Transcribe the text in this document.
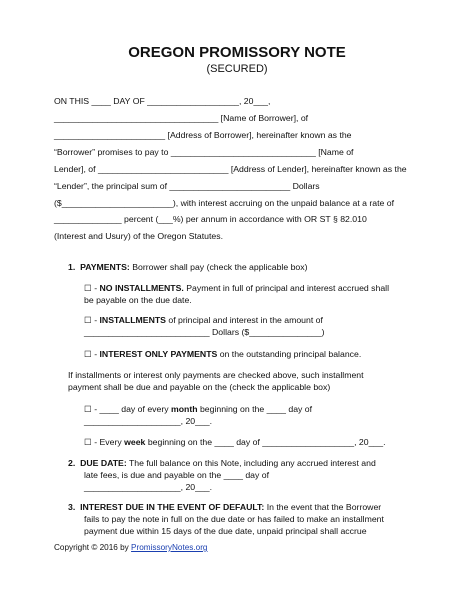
OREGON PROMISSORY NOTE
(SECURED)
ON THIS ____ DAY OF ___________________, 20___,
__________________________________ [Name of Borrower], of
_______________________ [Address of Borrower], hereinafter known as the
“Borrower” promises to pay to ______________________________ [Name of
Lender], of ___________________________ [Address of Lender], hereinafter known as the
“Lender”, the principal sum of _________________________ Dollars
($_______________________), with interest accruing on the unpaid balance at a rate of
______________ percent (___%) per annum in accordance with OR ST § 82.010
(Interest and Usury) of the Oregon Statutes.
1. PAYMENTS: Borrower shall pay (check the applicable box)
☐ - NO INSTALLMENTS. Payment in full of principal and interest accrued shall
be payable on the due date.
☐ - INSTALLMENTS of principal and interest in the amount of
__________________________ Dollars ($_______________)
☐ - INTEREST ONLY PAYMENTS on the outstanding principal balance.
If installments or interest only payments are checked above, such installment
payment shall be due and payable on the (check the applicable box)
☐ - ____ day of every month beginning on the ____ day of
____________________, 20___.
☐ - Every week beginning on the ____ day of ___________________, 20___.
2. DUE DATE: The full balance on this Note, including any accrued interest and
late fees, is due and payable on the ____ day of
____________________, 20___.
3. INTEREST DUE IN THE EVENT OF DEFAULT: In the event that the Borrower
fails to pay the note in full on the due date or has failed to make an installment
payment due within 15 days of the due date, unpaid principal shall accrue
Copyright © 2016 by PromissoryNotes.org
